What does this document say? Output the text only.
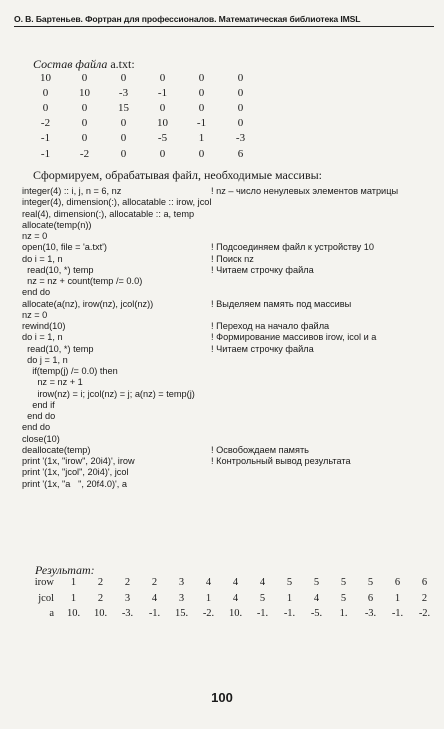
О. В. Бартеньев. Фортран для профессионалов. Математическая библиотека IMSL
Состав файла a.txt:
10	0	0	0	0	0
0	10	-3	-1	0	0
0	0	15	0	0	0
-2	0	0	10	-1	0
-1	0	0	-5	1	-3
-1	-2	0	0	0	6
Сформируем, обрабатывая файл, необходимые массивы:
integer(4) :: i, j, n = 6, nz	! nz – число ненулевых элементов матрицы
integer(4), dimension(:), allocatable :: irow, jcol
real(4), dimension(:), allocatable :: a, temp
allocate(temp(n))
nz = 0
open(10, file = 'a.txt')	! Подсоединяем файл к устройству 10
do i = 1, n	! Поиск nz
read(10, *) temp	! Читаем строчку файла
nz = nz + count(temp /= 0.0)
end do
allocate(a(nz), irow(nz), jcol(nz))	! Выделяем память под массивы
nz = 0
rewind(10)	! Переход на начало файла
do i = 1, n	! Формирование массивов irow, icol и a
read(10, *) temp	! Читаем строчку файла
do j = 1, n
if(temp(j) /= 0.0) then
nz = nz + 1
irow(nz) = i; jcol(nz) = j; a(nz) = temp(j)
end if
end do
end do
close(10)
deallocate(temp)	! Освобождаем память
print '(1x, "irow", 20i4)', irow	! Контрольный вывод результата
print '(1x, "jcol", 20i4)', jcol
print '(1x, "a   ", 20f4.0)', a
Результат:
irow	1	2	2	2	3	4	4	4	5	5	5	5	6	6
jcol	1	2	3	4	3	1	4	5	1	4	5	6	1	2
a	10.	10.	-3.	-1.	15.	-2.	10.	-1.	-1.	-5.	1.	-3.	-1.	-2.
100
